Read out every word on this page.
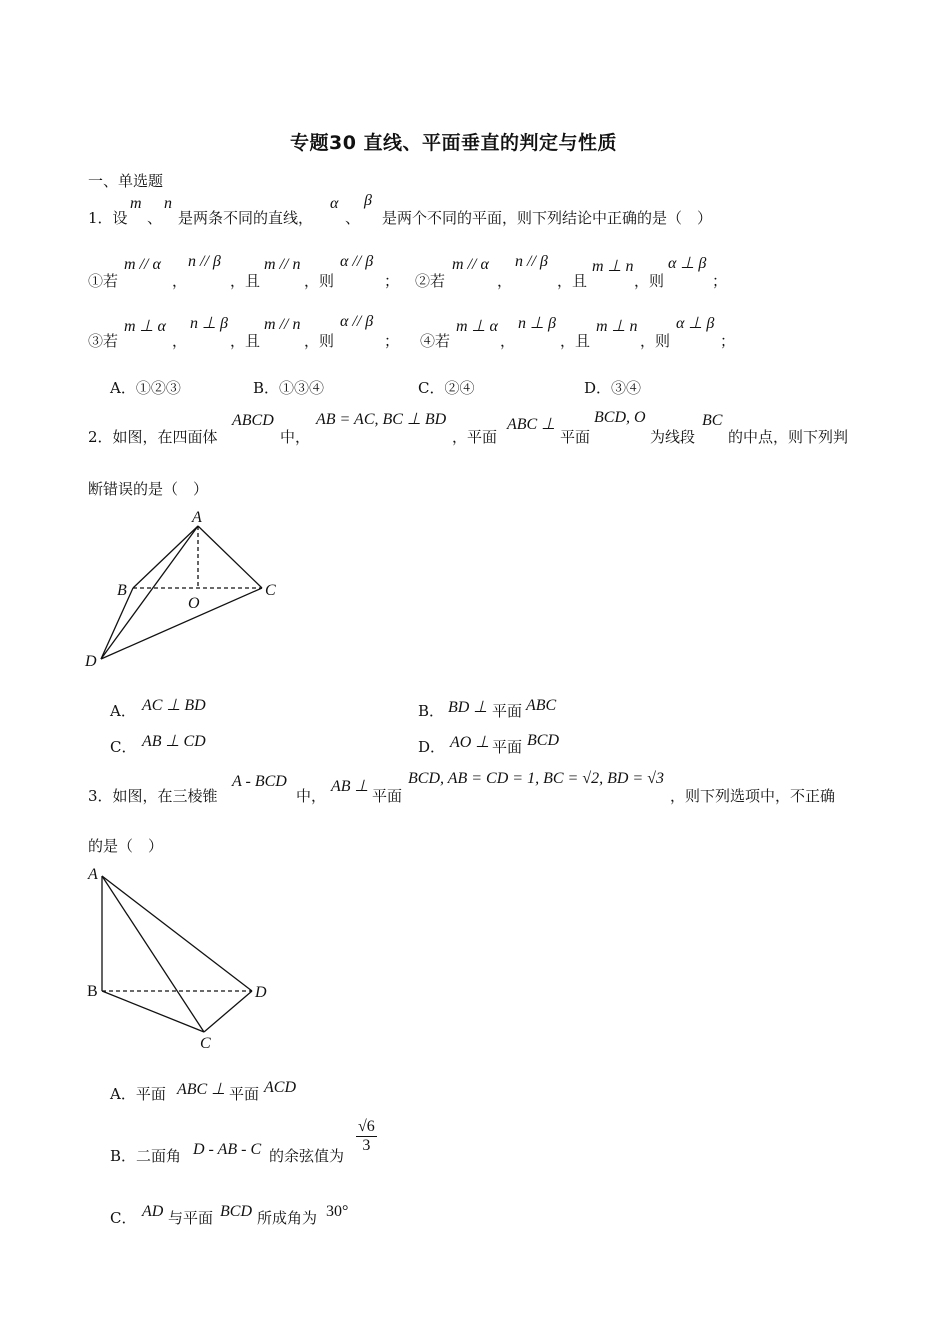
专题30 直线、平面垂直的判定与性质
一、单选题
1．设
m
、
n
是两条不同的直线，
α
、
β
是两个不同的平面，则下列结论中正确的是（　）
①若
m // α
，
n // β
，且
m // n
，则
α // β
； ②若
m // α
，
n // β
，且
m ⊥ n
，则
α ⊥ β
；
③若
m ⊥ α
，
n ⊥ β
，且
m // n
，则
α // β
； ④若
m ⊥ α
，
n ⊥ β
，且
m ⊥ n
，则
α ⊥ β
；
A．①②③	B．①③④	C．②④	D．③④
2．如图，在四面体
ABCD
中，
AB = AC, BC ⊥ BD
，平面
ABC ⊥
平面
BCD, O
为线段
BC
的中点，则下列判
断错误的是（　）
A
B
O
C
D
A． AC ⊥ BD	B． BD ⊥ 平面 ABC
C． AB ⊥ CD	D． AO ⊥ 平面 BCD
3．如图，在三棱锥
A - BCD
中，
AB ⊥
平面
BCD, AB = CD = 1, BC = √2, BD = √3
，则下列选项中，不正确
的是（　）
A
B	D
C
A．平面 ABC ⊥ 平面 ACD
B．二面角 D - AB - C 的余弦值为
$\frac{√6}{3}$
C． AD 与平面 BCD 所成角为 30°
